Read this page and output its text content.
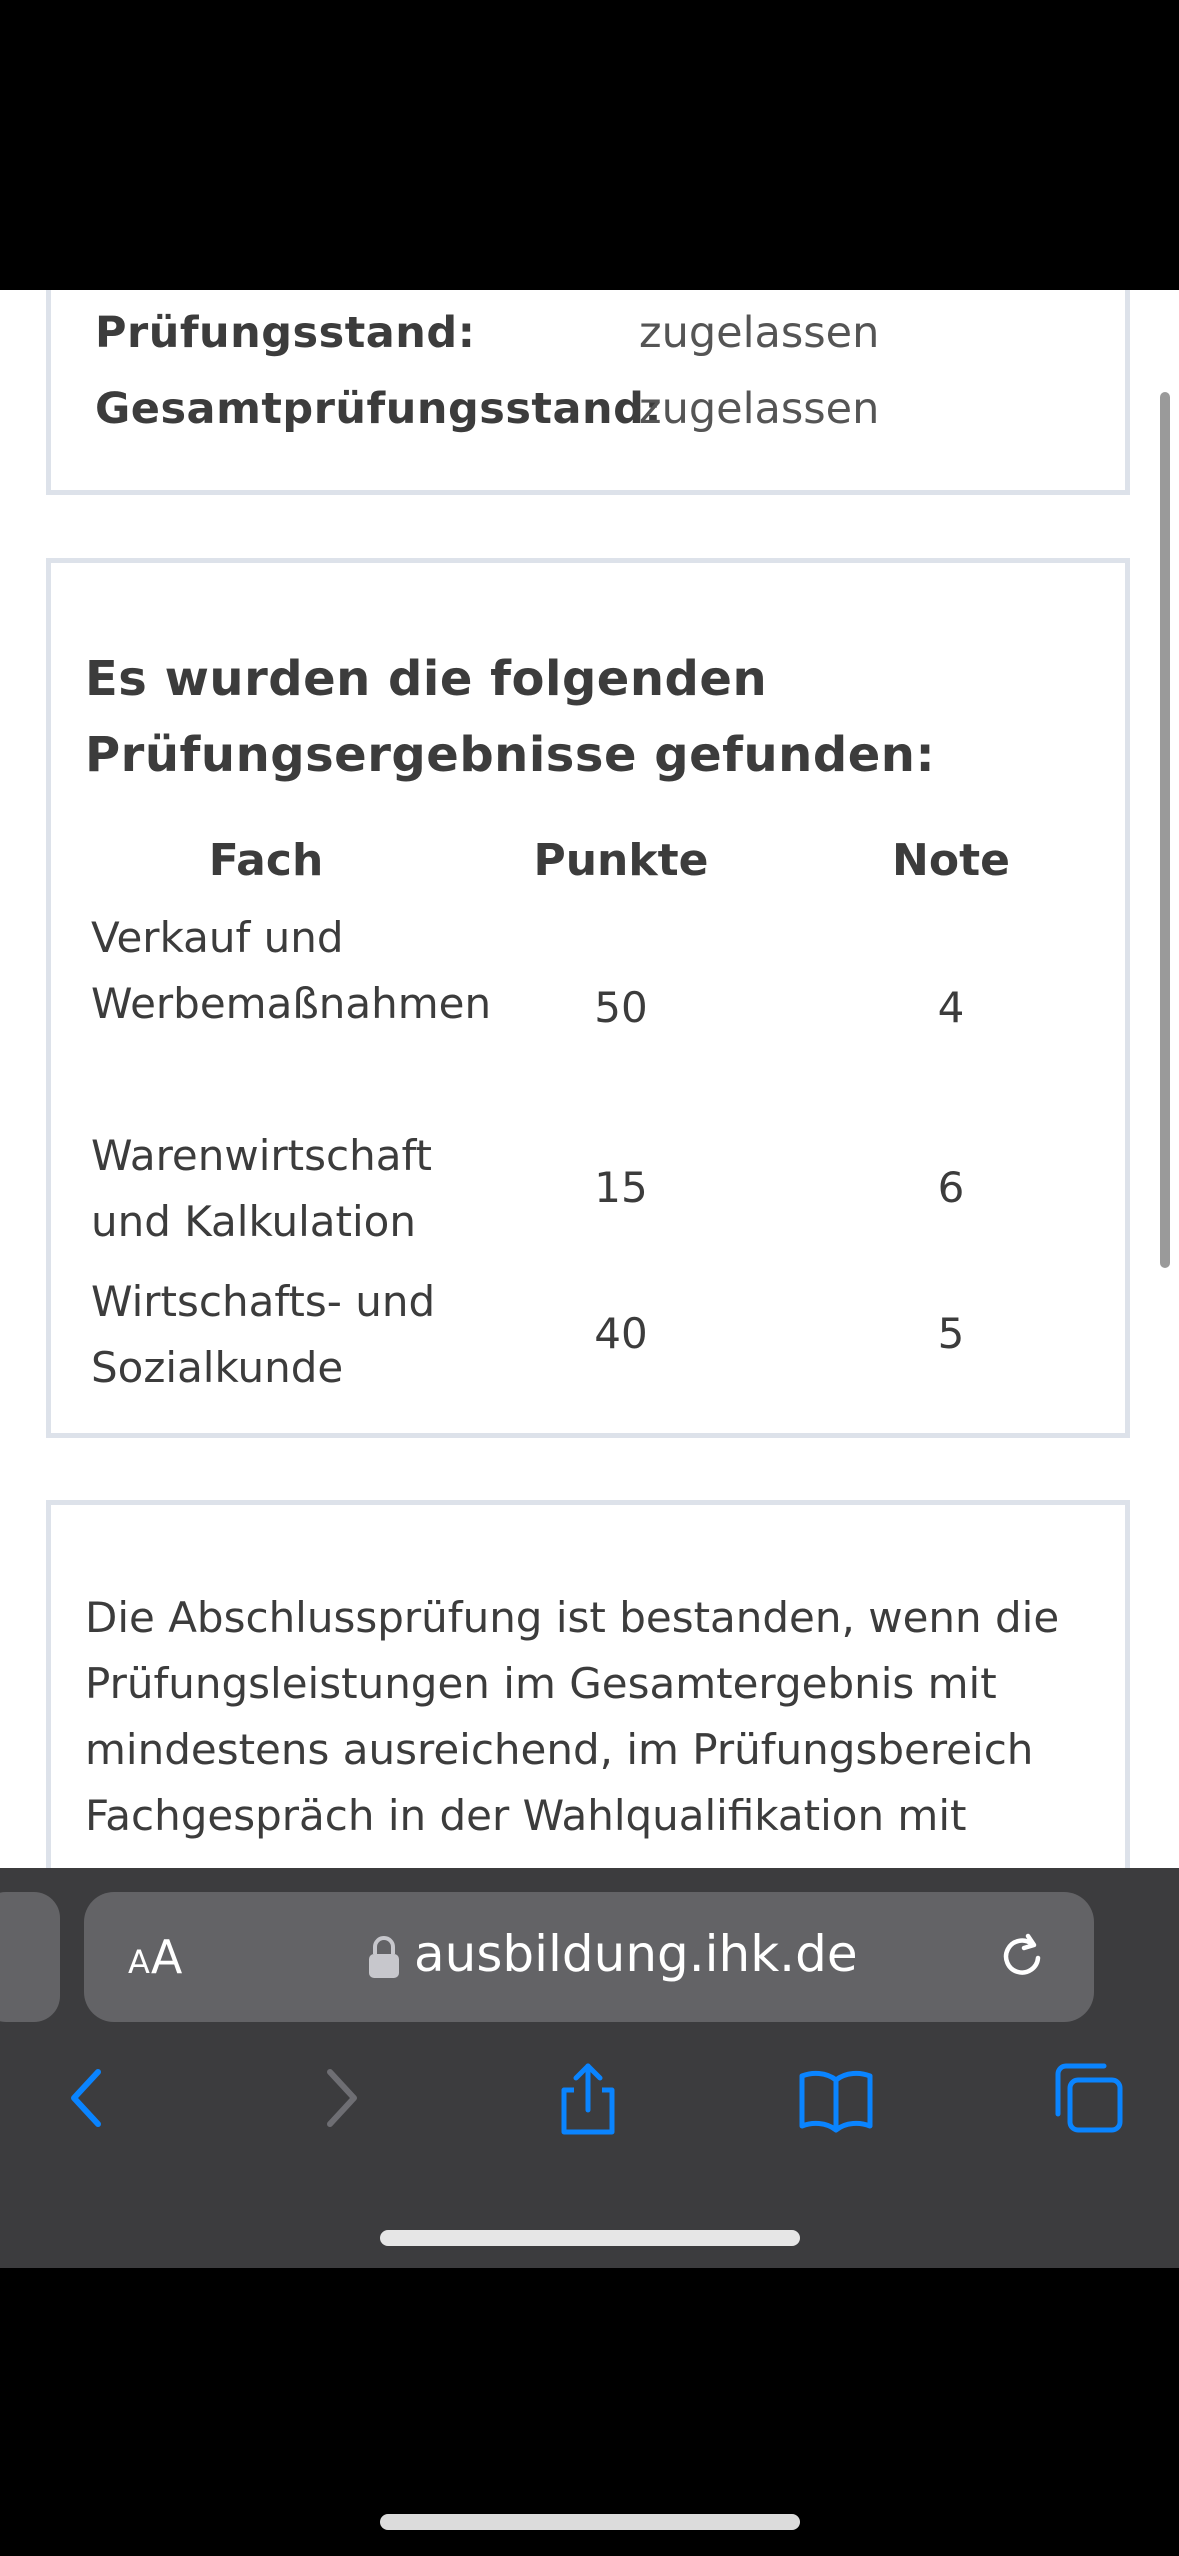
Prüfungsstand:	zugelassen
Gesamtprüfungsstand:
zugelassen
Es wurden die folgenden
Prüfungsergebnisse gefunden:
Fach	Punkte	Note
Verkauf und
Werbemaßnahmen	50	4
Warenwirtschaft
und Kalkulation
15	6
Wirtschafts- und
Sozialkunde
40	5
Die Abschlussprüfung ist bestanden, wenn die
Prüfungsleistungen im Gesamtergebnis mit
mindestens ausreichend, im Prüfungsbereich
Fachgespräch in der Wahlqualifikation mit
AA	ausbildung.ihk.de
